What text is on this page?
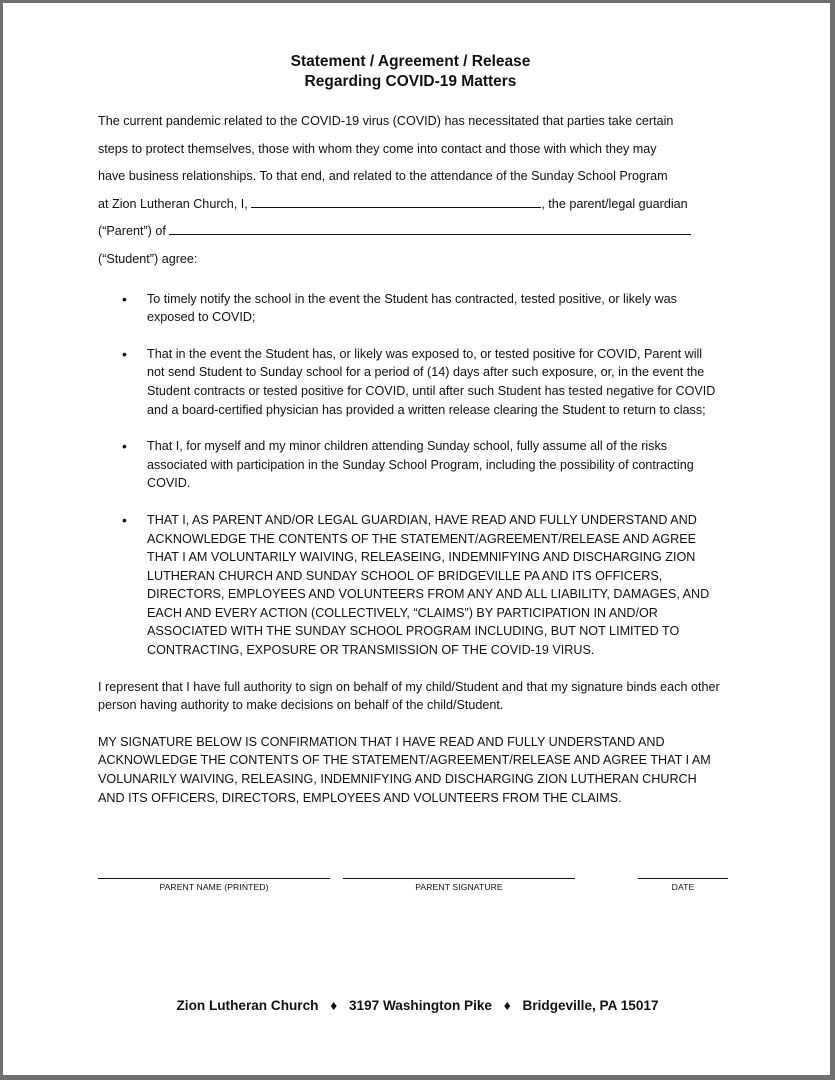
Statement / Agreement / Release
Regarding COVID-19 Matters

The current pandemic related to the COVID-19 virus (COVID) has necessitated that parties take certain

steps to protect themselves, those with whom they come into contact and those with which they may

have business relationships. To that end, and related to the attendance of the Sunday School Program

at Zion Lutheran Church, I,	, the parent/legal guardian

(“Parent”) of

(“Student”) agree:

• To timely notify the school in the event the Student has contracted, tested positive, or likely was exposed to COVID;
• That in the event the Student has, or likely was exposed to, or tested positive for COVID, Parent will not send Student to Sunday school for a period of (14) days after such exposure, or, in the event the Student contracts or tested positive for COVID, until after such Student has tested negative for COVID and a board-certified physician has provided a written release clearing the Student to return to class;
• That I, for myself and my minor children attending Sunday school, fully assume all of the risks associated with participation in the Sunday School Program, including the possibility of contracting COVID.
• THAT I, AS PARENT AND/OR LEGAL GUARDIAN, HAVE READ AND FULLY UNDERSTAND AND ACKNOWLEDGE THE CONTENTS OF THE STATEMENT/AGREEMENT/RELEASE AND AGREE THAT I AM VOLUNTARILY WAIVING, RELEASEING, INDEMNIFYING AND DISCHARGING ZION LUTHERAN CHURCH AND SUNDAY SCHOOL OF BRIDGEVILLE PA AND ITS OFFICERS, DIRECTORS, EMPLOYEES AND VOLUNTEERS FROM ANY AND ALL LIABILITY, DAMAGES, AND EACH AND EVERY ACTION (COLLECTIVELY, “CLAIMS”) BY PARTICIPATION IN AND/OR ASSOCIATED WITH THE SUNDAY SCHOOL PROGRAM INCLUDING, BUT NOT LIMITED TO CONTRACTING, EXPOSURE OR TRANSMISSION OF THE COVID-19 VIRUS.

I represent that I have full authority to sign on behalf of my child/Student and that my signature binds each other person having authority to make decisions on behalf of the child/Student.

MY SIGNATURE BELOW IS CONFIRMATION THAT I HAVE READ AND FULLY UNDERSTAND AND ACKNOWLEDGE THE CONTENTS OF THE STATEMENT/AGREEMENT/RELEASE AND AGREE THAT I AM VOLUNARILY WAIVING, RELEASING, INDEMNIFYING AND DISCHARGING ZION LUTHERAN CHURCH AND ITS OFFICERS, DIRECTORS, EMPLOYEES AND VOLUNTEERS FROM THE CLAIMS.

PARENT NAME (PRINTED)	PARENT SIGNATURE	DATE
Zion Lutheran Church ♦ 3197 Washington Pike ♦ Bridgeville, PA 15017
